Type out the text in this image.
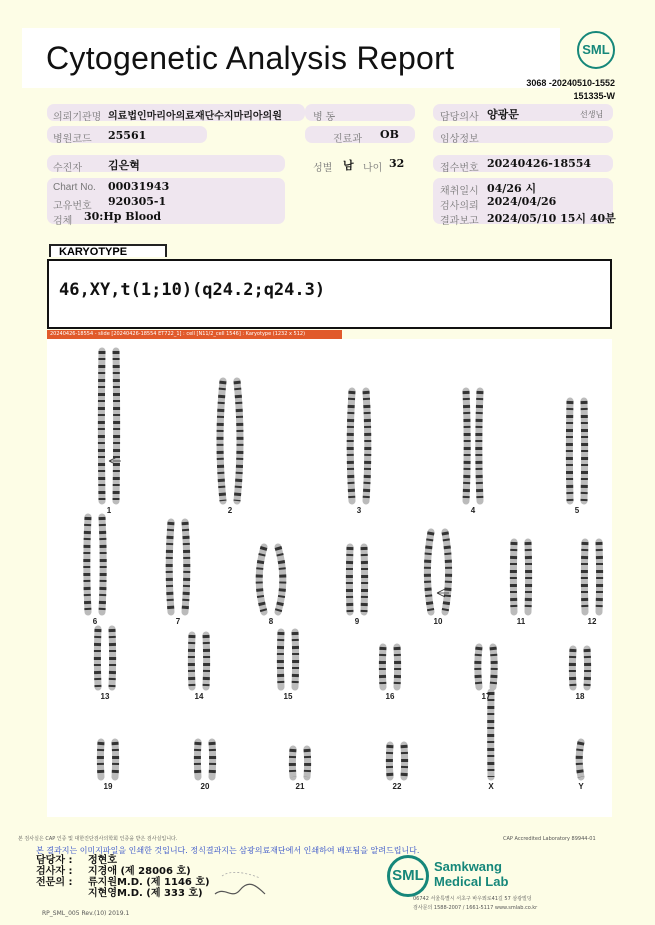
Cytogenetic Analysis Report	SML
3068 -20240510-1552
151335-W
의뢰기관명 의료법인마리아의료재단수지마리아의원	병 동	담당의사 양광문	선생님
병원코드 25561	진료과 OB	임상정보
수진자 김은혁	성별 남 나이 32	접수번호 20240426-18554
Chart No. 00031943
고유번호 920305-1
검체 30:Hp Blood
채취일시 04/26 시
검사의뢰 2024/04/26
결과보고 2024/05/10 15시 40분
KARYOTYPE
46,XY,t(1;10)(q24.2;q24.3)
20240426-18554 - slide [20240426-18554 ET722_1] : cell [N11/2_cell 1546] : Karyotype (1232 x 512)
1	2	3	4	5
6	7	8	9	10	11	12
13	14	15	16	17	18
19	20	21	22	X	Y
본 검사실은 CAP 인증 및 대한진단검사의학회 인증을 받은 검사실입니다.	CAP Accredited Laboratory 89944-01
본 결과지는 이미지파일을 인쇄한 것입니다. 정식결과지는 삼광의료재단에서 인쇄하여 배포됨을 알려드립니다.
담당자 : 정현호
검사자 : 지경애 (제 28006 호)
전문의 : 류지원M.D. (제 1146 호)
지현영M.D. (제 333 호)
RP_SML_005 Rev.(10) 2019.1
SML
Samkwang
Medical Lab
06742 서울특별시 서초구 바우뫼로41길 57 삼광빌딩
검사문의 1588-2007 / 1661-5117 www.smlab.co.kr
